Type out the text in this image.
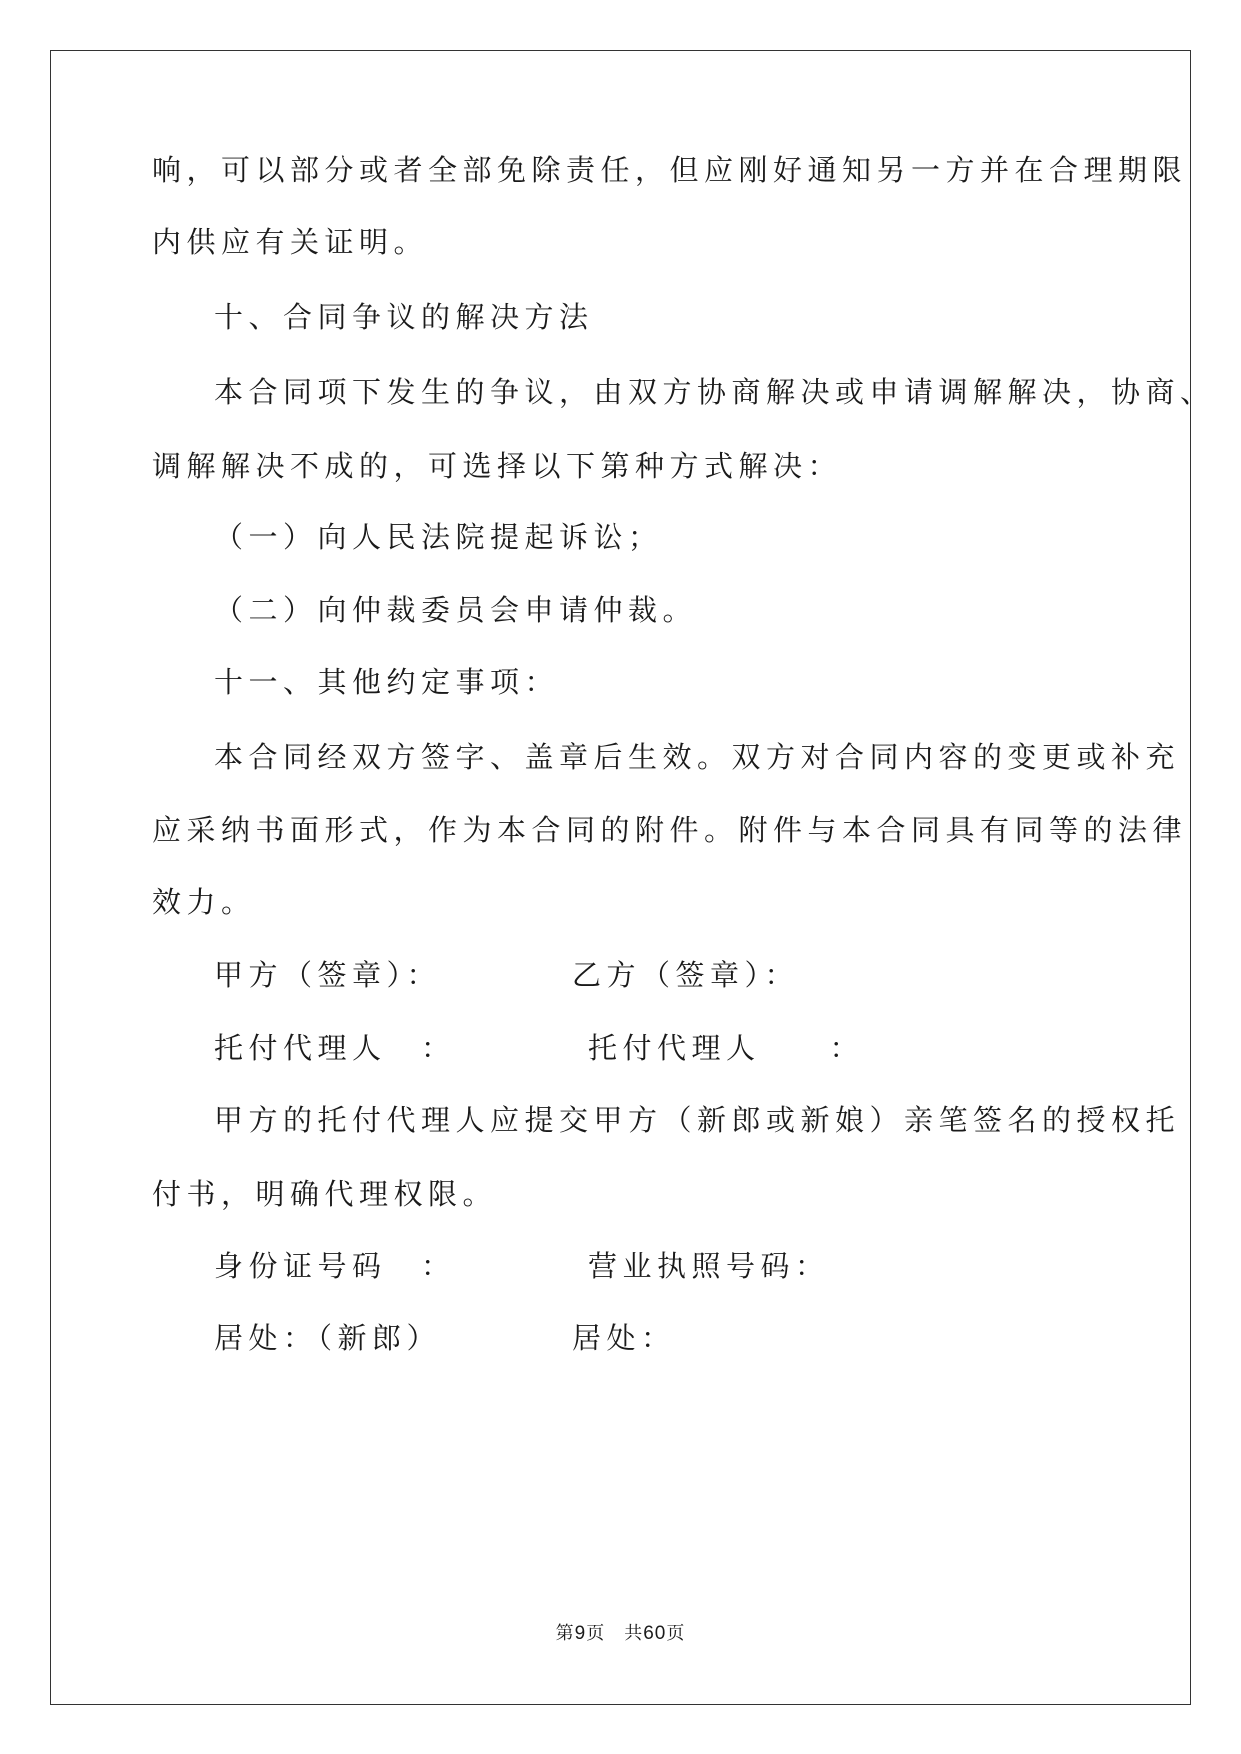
响，可以部分或者全部免除责任，但应刚好通知另一方并在合理期限
内供应有关证明。
十、合同争议的解决方法
本合同项下发生的争议，由双方协商解决或申请调解解决，协商、
调解解决不成的，可选择以下第种方式解决：
（一）向人民法院提起诉讼；
（二）向仲裁委员会申请仲裁。
十一、其他约定事项：
本合同经双方签字、盖章后生效。双方对合同内容的变更或补充
应采纳书面形式，作为本合同的附件。附件与本合同具有同等的法律
效力。
甲方（签章）：	乙方（签章）：
托付代理人　：	托付代理人　　：
甲方的托付代理人应提交甲方（新郎或新娘）亲笔签名的授权托
付书，明确代理权限。
身份证号码　：	营业执照号码：
居处：（新郎）	居处：
第9页　共60页
